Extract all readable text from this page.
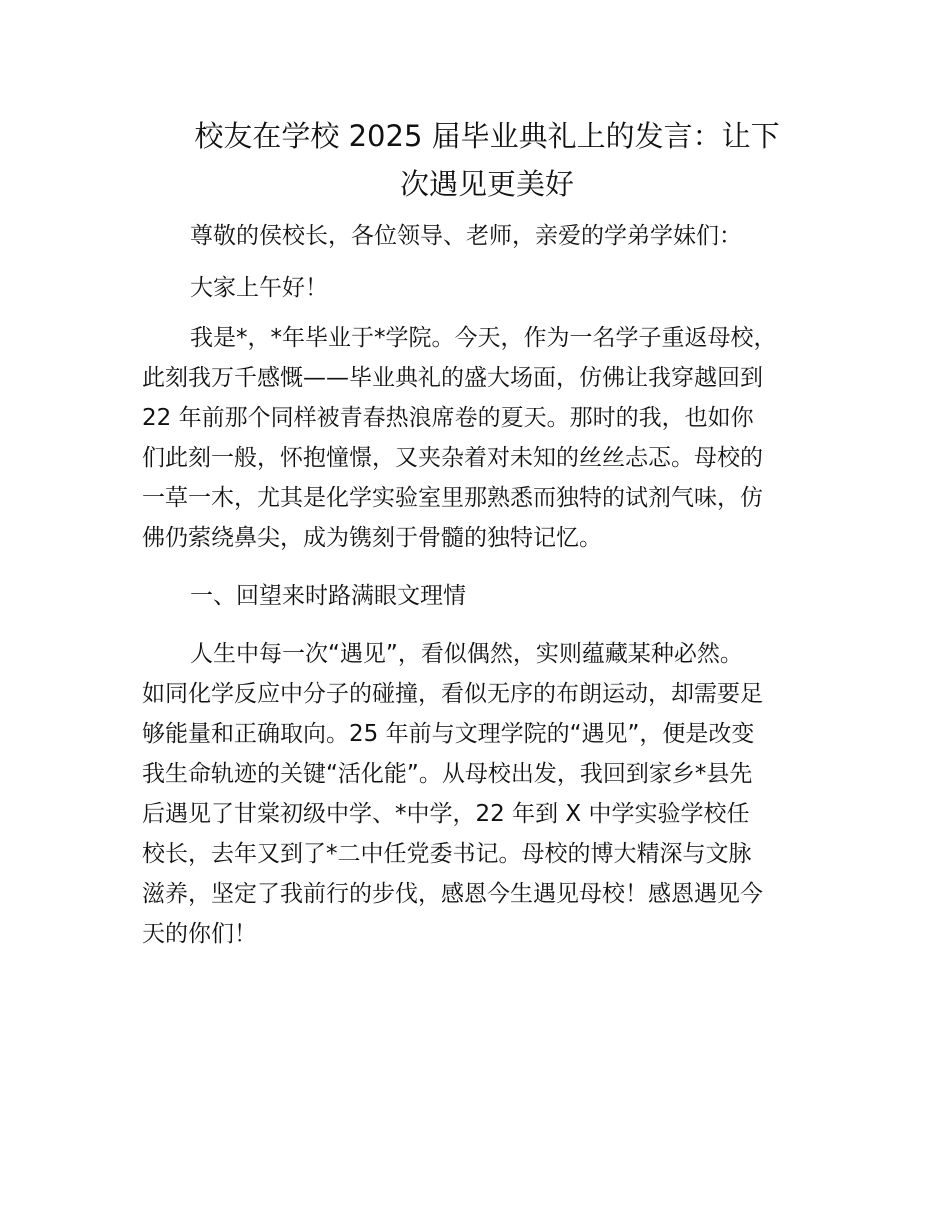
校友在学校 2025 届毕业典礼上的发言：让下
次遇见更美好

尊敬的侯校长，各位领导、老师，亲爱的学弟学妹们：

大家上午好！

我是*，*年毕业于*学院。今天，作为一名学子重返母校，
此刻我万千感慨——毕业典礼的盛大场面，仿佛让我穿越回到
22 年前那个同样被青春热浪席卷的夏天。那时的我，也如你
们此刻一般，怀抱憧憬，又夹杂着对未知的丝丝忐忑。母校的
一草一木，尤其是化学实验室里那熟悉而独特的试剂气味，仿
佛仍萦绕鼻尖，成为镌刻于骨髓的独特记忆。

一、回望来时路满眼文理情

人生中每一次“遇见”，看似偶然，实则蕴藏某种必然。
如同化学反应中分子的碰撞，看似无序的布朗运动，却需要足
够能量和正确取向。25 年前与文理学院的“遇见”，便是改变
我生命轨迹的关键“活化能”。从母校出发，我回到家乡*县先
后遇见了甘棠初级中学、*中学，22 年到 X 中学实验学校任
校长，去年又到了*二中任党委书记。母校的博大精深与文脉
滋养，坚定了我前行的步伐，感恩今生遇见母校！感恩遇见今
天的你们！
